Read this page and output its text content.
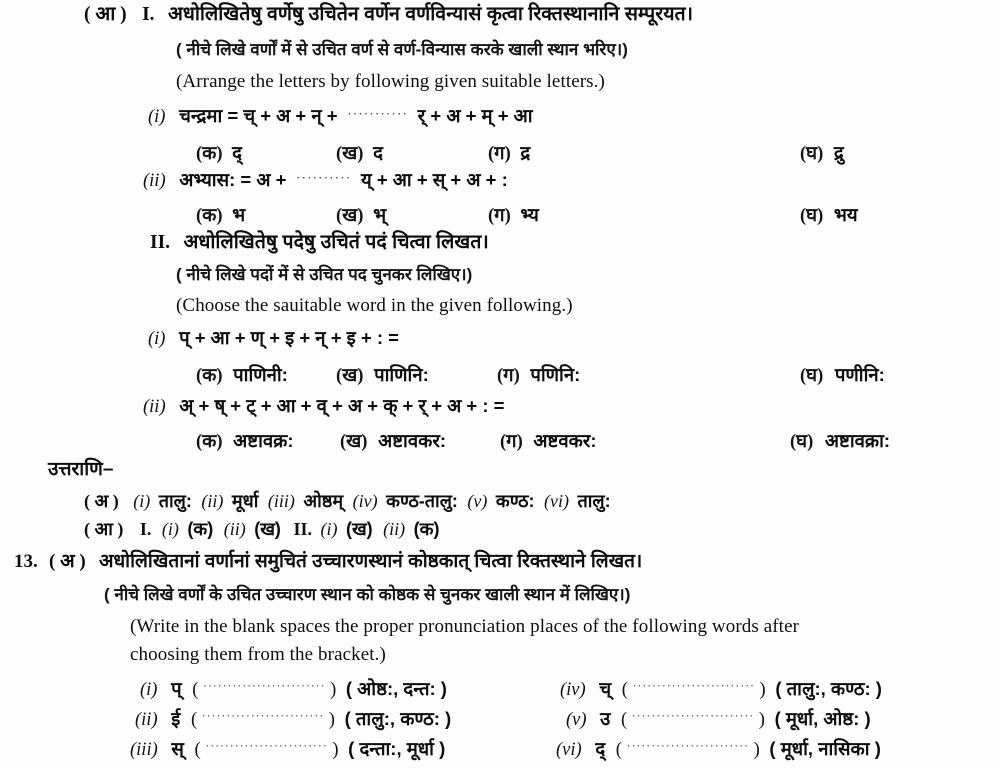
( आ ) I. अधोलिखितेषु वर्णेषु उचितेन वर्णेन वर्णविन्यासं कृत्वा रिक्तस्थानानि सम्पूरयत।
( नीचे लिखे वर्णों में से उचित वर्ण से वर्ण-विन्यास करके खाली स्थान भरिए।)
(Arrange the letters by following given suitable letters.)
(i) चन्द्रमा = च् + अ + न् + ··········· र् + अ + म् + आ
(क) द्	(ख) द	(ग) द्र	(घ) द्रु
(ii) अभ्यास: = अ + ·········· य् + आ + स् + अ + :
(क) भ	(ख) भ्	(ग) भ्य	(घ) भय
II. अधोलिखितेषु पदेषु उचितं पदं चित्वा लिखत।
( नीचे लिखे पदों में से उचित पद चुनकर लिखिए।)
(Choose the sauitable word in the given following.)
(i) प् + आ + ण् + इ + न् + इ + : =
(क) पाणिनी:	(ख) पाणिनि:	(ग) पणिनि:	(घ) पणीनि:
(ii) अ् + ष् + ट् + आ + व् + अ + क् + र् + अ + : =
(क) अष्टावक्र:	(ख) अष्टावकर:	(ग) अष्टवकर:	(घ) अष्टावक्रा:
उत्तराणि–
( अ ) (i) तालु: (ii) मूर्धा (iii) ओष्ठम् (iv) कण्ठ-तालु: (v) कण्ठ: (vi) तालु:
( आ ) I. (i) (क) (ii) (ख) II. (i) (ख) (ii) (क)
13. ( अ ) अधोलिखितानां वर्णानां समुचितं उच्चारणस्थानं कोष्ठकात् चित्वा रिक्तस्थाने लिखत।
( नीचे लिखे वर्णों के उचित उच्चारण स्थान को कोष्ठक से चुनकर खाली स्थान में लिखिए।)
(Write in the blank spaces the proper pronunciation places of the following words after
choosing them from the bracket.)
(i) प् ( ························· ) ( ओष्ठ:, दन्त: )
(ii) ई ( ························· ) ( तालु:, कण्ठ: )
(iii) स् ( ························· ) ( दन्ता:, मूर्धा )
(iv) च् ( ························· ) ( तालु:, कण्ठ: )
(v) उ ( ························· ) ( मूर्धा, ओष्ठ: )
(vi) द् ( ························· ) ( मूर्धा, नासिका )
